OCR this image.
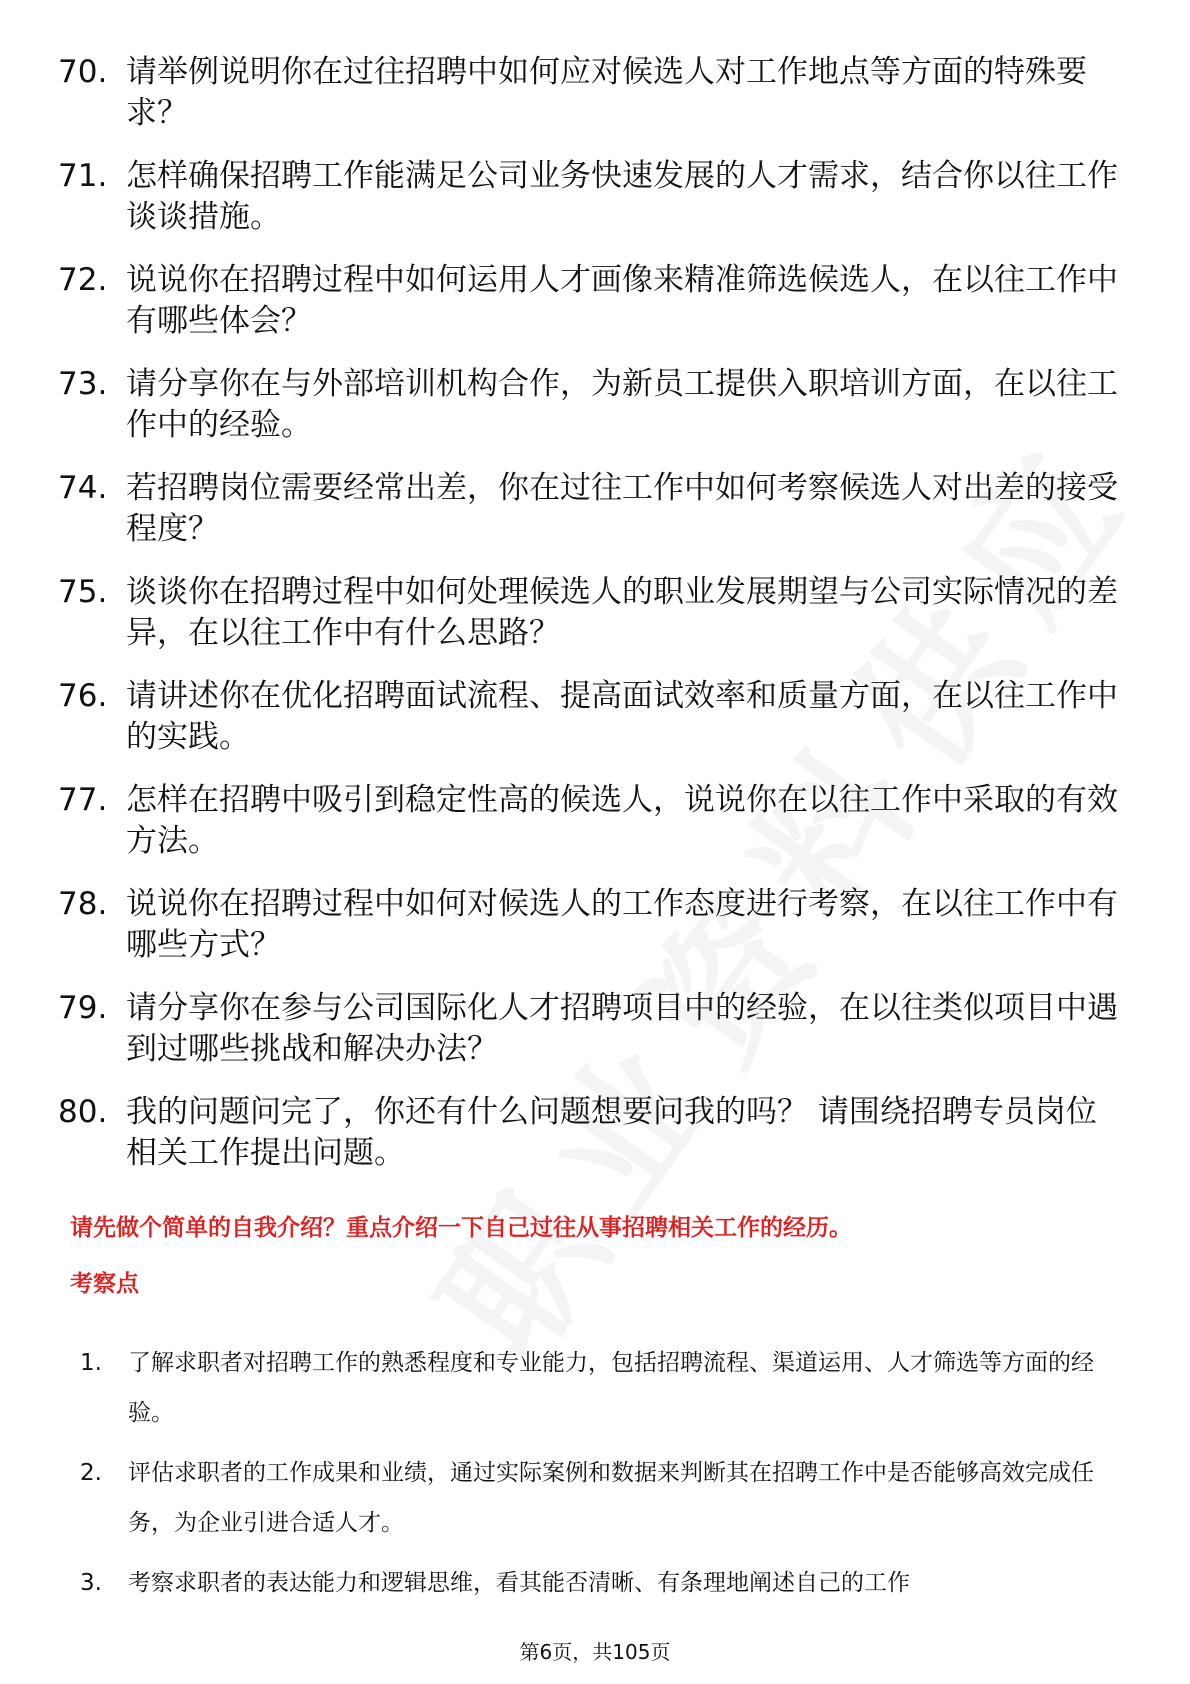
70. 请举例说明你在过往招聘中如何应对候选人对工作地点等方面的特殊要求？
71. 怎样确保招聘工作能满足公司业务快速发展的人才需求，结合你以往工作谈谈措施。
72. 说说你在招聘过程中如何运用人才画像来精准筛选候选人，在以往工作中有哪些体会？
73. 请分享你在与外部培训机构合作，为新员工提供入职培训方面，在以往工作中的经验。
74. 若招聘岗位需要经常出差，你在过往工作中如何考察候选人对出差的接受程度？
75. 谈谈你在招聘过程中如何处理候选人的职业发展期望与公司实际情况的差异，在以往工作中有什么思路？
76. 请讲述你在优化招聘面试流程、提高面试效率和质量方面，在以往工作中的实践。
77. 怎样在招聘中吸引到稳定性高的候选人，说说你在以往工作中采取的有效方法。
78. 说说你在招聘过程中如何对候选人的工作态度进行考察，在以往工作中有哪些方式？
79. 请分享你在参与公司国际化人才招聘项目中的经验，在以往类似项目中遇到过哪些挑战和解决办法？
80. 我的问题问完了，你还有什么问题想要问我的吗？ 请围绕招聘专员岗位相关工作提出问题。
请先做个简单的自我介绍？重点介绍一下自己过往从事招聘相关工作的经历。
考察点
1.	了解求职者对招聘工作的熟悉程度和专业能力，包括招聘流程、渠道运用、人才筛选等方面的经验。
2.	评估求职者的工作成果和业绩，通过实际案例和数据来判断其在招聘工作中是否能够高效完成任务，为企业引进合适人才。
3.	考察求职者的表达能力和逻辑思维，看其能否清晰、有条理地阐述自己的工作
第6页，共105页
